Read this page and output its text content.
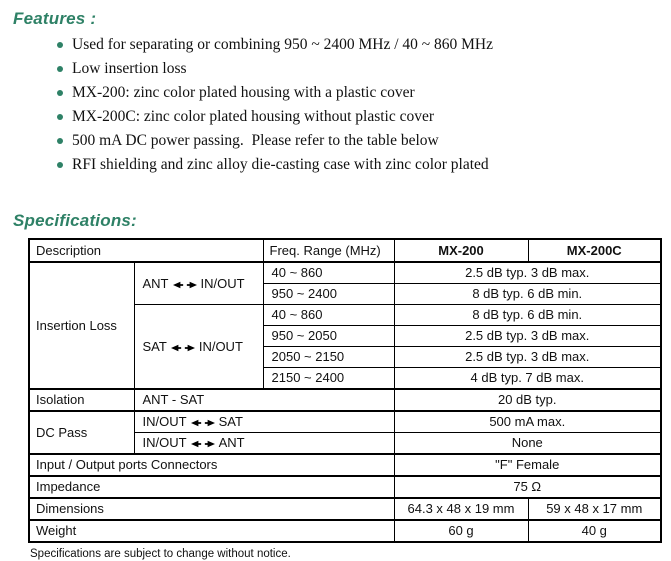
Features :
Used for separating or combining 950 ~ 2400 MHz / 40 ~ 860 MHz
Low insertion loss
MX-200: zinc color plated housing with a plastic cover
MX-200C: zinc color plated housing without plastic cover
500 mA DC power passing.  Please refer to the table below
RFI shielding and zinc alloy die-casting case with zinc color plated
Specifications:
Description		Freq. Range (MHz)	MX-200	MX-200C
Insertion Loss	ANT IN/OUT	40 ~ 860	2.5 dB typ. 3 dB max.	
		950 ~ 2400	8 dB typ. 6 dB min.	
	SAT IN/OUT	40 ~ 860	8 dB typ. 6 dB min.	
		950 ~ 2050	2.5 dB typ. 3 dB max.	
		2050 ~ 2150	2.5 dB typ. 3 dB max.	
		2150 ~ 2400	4 dB typ. 7 dB max.	
Isolation	ANT - SAT		20 dB typ.	
DC Pass	IN/OUT SAT		500 mA max.	
	IN/OUT ANT		None	
Input / Output ports Connectors			"F" Female	
Impedance			75 Ω	
Dimensions			64.3 x 48 x 19 mm	59 x 48 x 17 mm
Weight			60 g	40 g
Specifications are subject to change without notice.
